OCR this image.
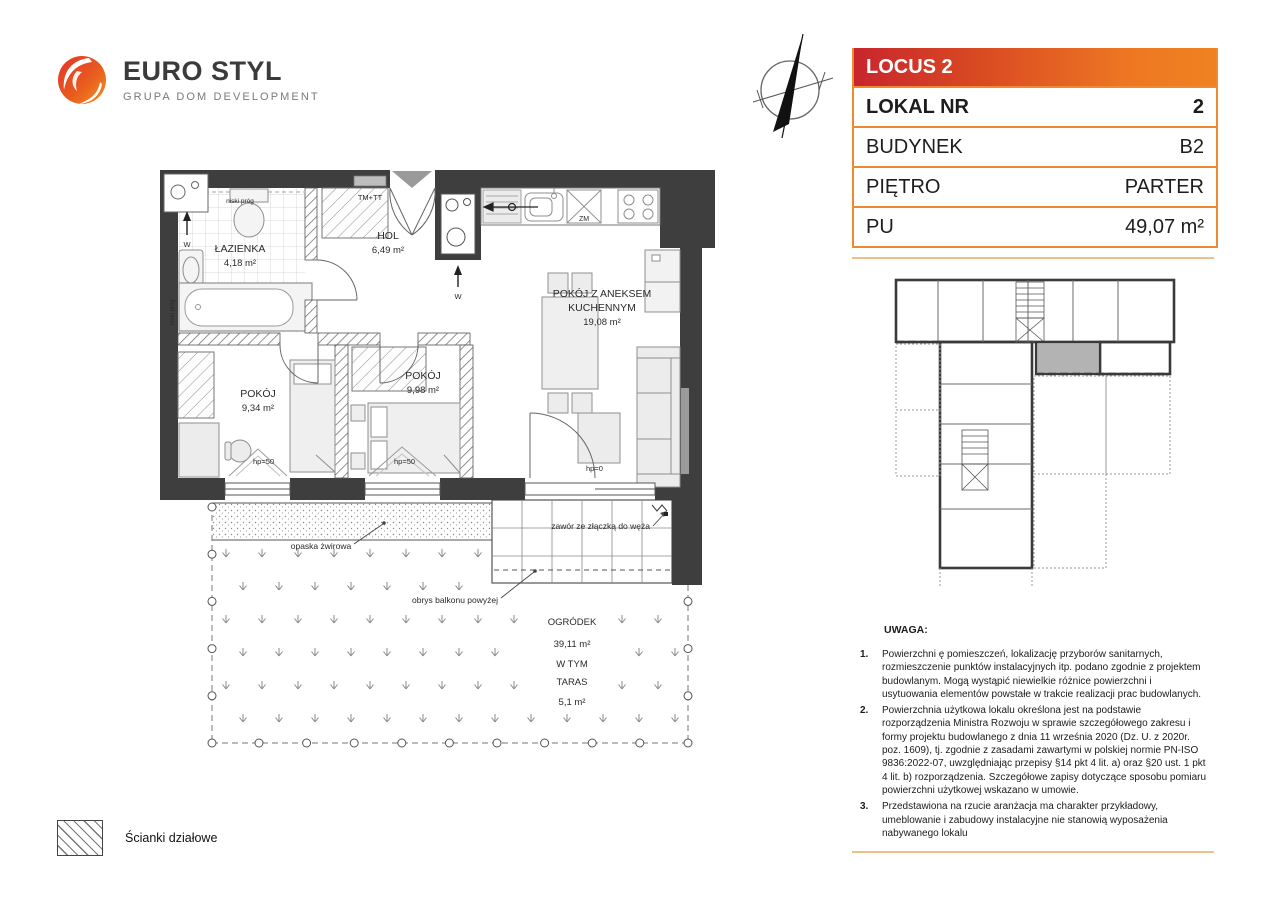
EURO STYL
GRUPA DOM DEVELOPMENT
LOCUS 2
LOKAL NR	2
BUDYNEK	B2
PIĘTRO	PARTER
PU	49,07 m²
UWAGA:
1.	Powierzchni ę pomieszczeń, lokalizację przyborów sanitarnych, rozmieszczenie punktów instalacyjnych itp. podano zgodnie z projektem budowlanym. Mogą wystąpić niewielkie różnice powierzchni i usytuowania elementów powstałe w trakcie realizacji prac budowlanych.
2.	Powierzchnia użytkowa lokalu określona jest na podstawie rozporządzenia Ministra Rozwoju w sprawie szczegółowego zakresu i formy projektu budowlanego z dnia 11 września 2020 (Dz. U. z 2020r. poz. 1609), tj. zgodnie z zasadami zawartymi w polskiej normie PN-ISO 9836:2022-07, uwzględniając przepisy §14 pkt 4 lit. a) oraz §20 ust. 1 pkt 4 lit. b) rozporządzenia. Szczegółowe zapisy dotyczące sposobu pomiaru powierzchni użytkowej wskazano w umowie.
3.	Przedstawiona na rzucie aranżacja ma charakter przykładowy, umeblowanie i zabudowy instalacyjne nie stanowią wyposażenia nabywanego lokalu
Ścianki działowe
W
niski próg
niski próg
ŁAZIENKA
4,18 m²
TM+TT
HOL
6,49 m²
W
ZM
POKÓJ Z ANEKSEM
KUCHENNYM
19,08 m²
POKÓJ
9,34 m²
POKÓJ
9,98 m²
hp=50	hp=50
hp=0
opaska żwirowa
zawór ze złączką do węża
obrys balkonu powyżej
OGRÓDEK
39,11 m²
W TYM
TARAS
5,1 m²
